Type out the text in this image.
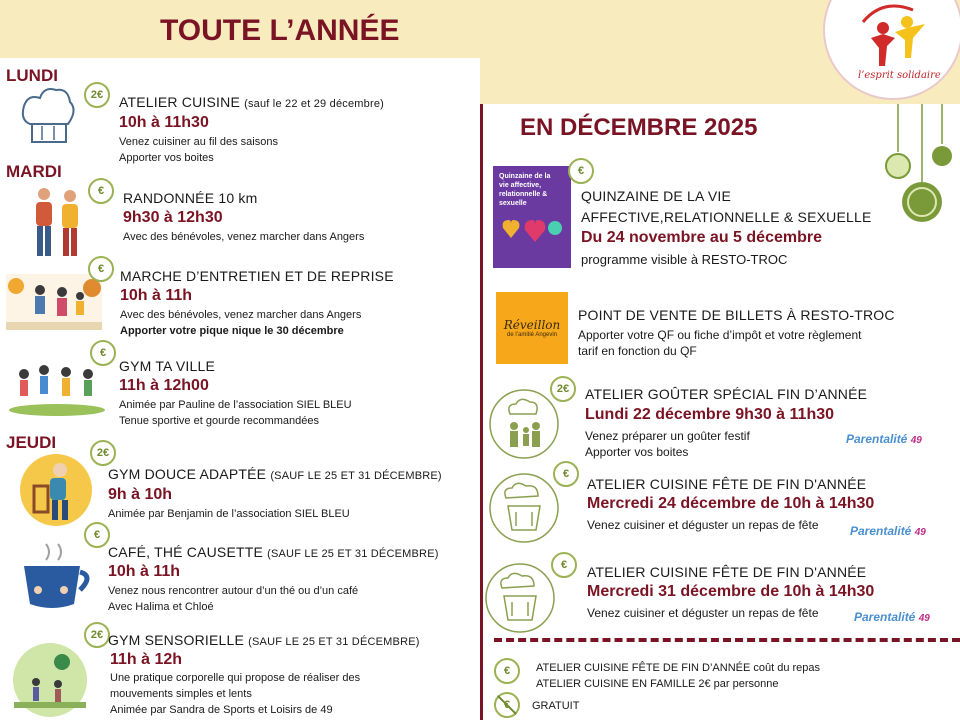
TOUTE L’ANNÉE
l’esprit solidaire
LUNDI
2€	ATELIER CUISINE (sauf le 22 et 29 décembre)
10h à 11h30
Venez cuisiner au fil des saisons
Apporter vos boites
MARDI
€	RANDONNÉE 10 km
9h30 à 12h30
Avec des bénévoles, venez marcher dans Angers
€	MARCHE D’ENTRETIEN ET DE REPRISE
10h à 11h
Avec des bénévoles, venez marcher dans Angers
Apporter votre pique nique le 30 décembre
€
GYM TA VILLE
11h à 12h00
Animée par Pauline de l’association SIEL BLEU
Tenue sportive et gourde recommandées
JEUDI
2€
GYM DOUCE ADAPTÉE (SAUF LE 25 ET 31 DÉCEMBRE)
9h à 10h
Animée par Benjamin de l’association SIEL BLEU
€
CAFÉ, THÉ CAUSETTE (SAUF LE 25 ET 31 DÉCEMBRE)
10h à 11h
Venez nous rencontrer autour d’un thé ou d’un café
Avec Halima et Chloé
2€ GYM SENSORIELLE (SAUF LE 25 ET 31 DÉCEMBRE)
11h à 12h
Une pratique corporelle qui propose de réaliser des
mouvements simples et lents
Animée par Sandra de Sports et Loisirs de 49
EN DÉCEMBRE 2025
Quinzaine de la vie affective, relationnelle & sexuelle
€
QUINZAINE DE LA VIE
AFFECTIVE,RELATIONNELLE & SEXUELLE
Du 24 novembre au 5 décembre
programme visible à RESTO-TROC
Réveillon
de l’amitié Angevin
POINT DE VENTE DE BILLETS À RESTO-TROC
Apporter votre QF ou fiche d’impôt et votre règlement
tarif en fonction du QF
2€	ATELIER GOÛTER SPÉCIAL FIN D’ANNÉE
Lundi 22 décembre 9h30 à 11h30
Venez préparer un goûter festif
Apporter vos boites
Parentalité 49
€
ATELIER CUISINE FÊTE DE FIN D'ANNÉE
Mercredi 24 décembre de 10h à 14h30
Venez cuisiner et déguster un repas de fête	Parentalité 49
€	ATELIER CUISINE FÊTE DE FIN D'ANNÉE
Mercredi 31 décembre de 10h à 14h30
Venez cuisiner et déguster un repas de fête	Parentalité 49
€	ATELIER CUISINE FÊTE DE FIN D’ANNÉE coût du repas
ATELIER CUISINE EN FAMILLE 2€ par personne
GRATUIT
